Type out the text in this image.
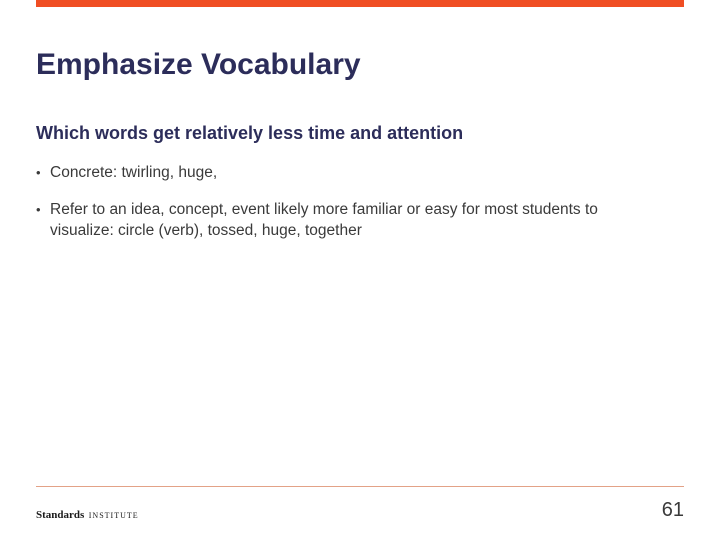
Emphasize Vocabulary
Which words get relatively less time and attention
• Concrete: twirling, huge,
• Refer to an idea, concept, event likely more familiar or easy for most students to visualize: circle (verb), tossed, huge, together
Standards INSTITUTE	61
